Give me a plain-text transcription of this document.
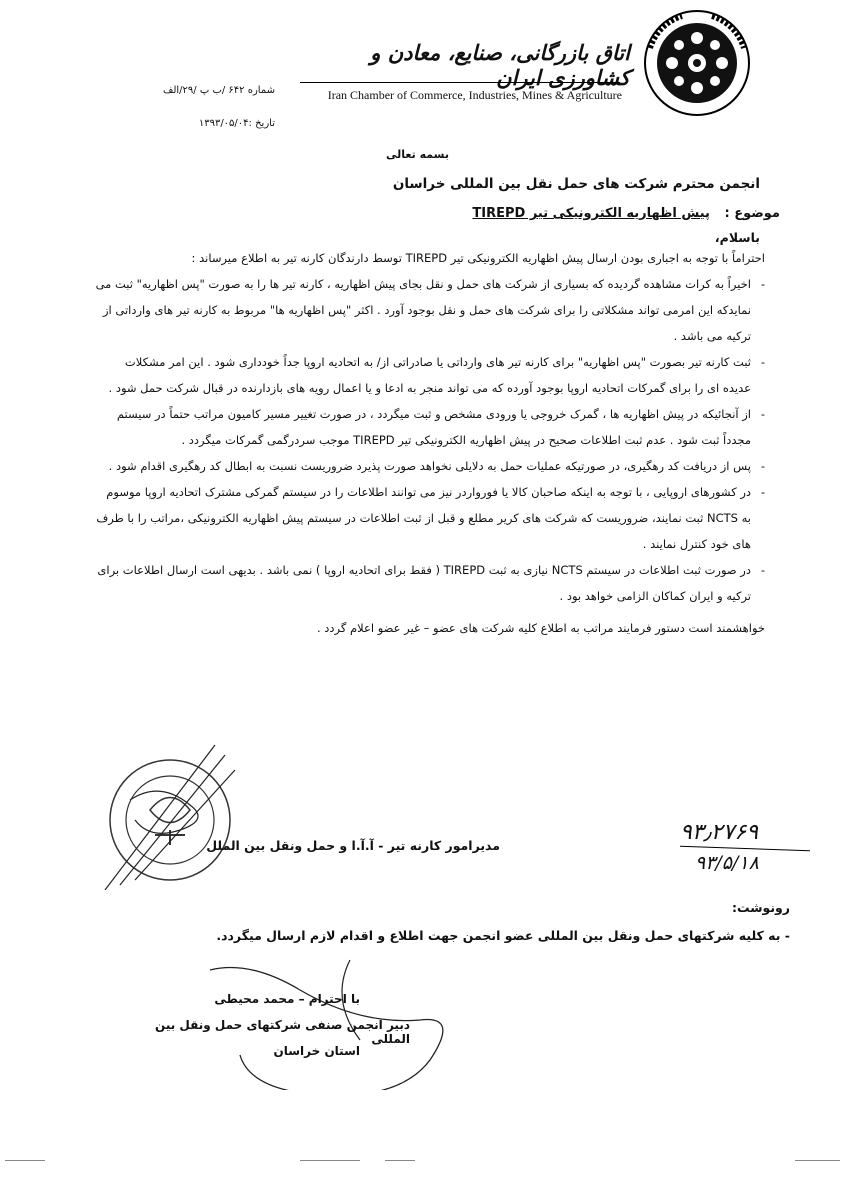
اتاق بازرگانی، صنایع، معادن و کشاورزی ایران
Iran Chamber of Commerce, Industries, Mines & Agriculture
شماره ۶۴۲ /ب پ /۲۹/الف
تاریخ :۱۳۹۳/۰۵/۰۴
بسمه تعالی
انجمن محترم شرکت های حمل نقل بین المللی خراسان
موضوع : پیش اظهاریه الکترونیکی تیر TIREPD
باسلام،

احتراماً با توجه به اجباری بودن ارسال پیش اظهاریه الکترونیکی تیر TIREPD توسط دارندگان کارنه تیر به اطلاع میرساند :

-
اخیراً به کرات مشاهده گردیده که بسیاری از شرکت های حمل و نقل بجای پیش اظهاریه ، کارنه تیر ها را به صورت "پس اظهاریه" ثبت می نمایدکه این امرمی تواند مشکلاتی را برای شرکت های حمل و نقل بوجود آورد . اکثر "پس اظهاریه ها" مربوط به کارنه تیر های وارداتی از ترکیه می باشد .
-
ثبت کارنه تیر بصورت "پس اظهاریه" برای کارنه تیر های وارداتی یا صادراتی از/ به اتحادیه اروپا جداً خودداری شود . این امر مشکلات عدیده ای را برای گمرکات اتحادیه اروپا بوجود آورده که می تواند منجر به ادعا و یا اعمال رویه های بازدارنده در قبال شرکت حمل شود .
-
از آنجائیکه در پیش اظهاریه ها ، گمرک خروجی یا ورودی مشخص و ثبت میگردد ، در صورت تغییر مسیر کامیون مراتب حتماً در سیستم مجدداً ثبت شود . عدم ثبت اطلاعات صحیح در پیش اظهاریه الکترونیکی تیر TIREPD موجب سردرگمی گمرکات میگردد .
-
پس از دریافت کد رهگیری، در صورتیکه عملیات حمل به دلایلی نخواهد صورت پذیرد ضروریست نسبت به ابطال کد رهگیری اقدام شود .
-
در کشورهای اروپایی ، با توجه به اینکه صاحبان کالا یا فورواردر نیز می توانند اطلاعات را در سیستم گمرکی مشترک اتحادیه اروپا موسوم به NCTS ثبت نمایند، ضروریست که شرکت های کریر مطلع و قبل از ثبت اطلاعات در سیستم پیش اظهاریه الکترونیکی ،مراتب را با طرف های خود کنترل نمایند .
-
در صورت ثبت اطلاعات در سیستم NCTS نیازی به ثبت TIREPD ( فقط برای اتحادیه اروپا ) نمی باشد . بدیهی است ارسال اطلاعات برای ترکیه و ایران کماکان الزامی خواهد بود .

خواهشمند است دستور فرمایند مراتب به اطلاع کلیه شرکت های عضو – غیر عضو اعلام گردد .

مدیرامور کارنه تیر - آ.آ.ا و حمل ونقل بین الملل
۹۳٫۲۷۶۹
۹۳/۵/۱۸
رونوشت:
- به کلیه شرکتهای حمل ونقل بین المللی عضو انجمن جهت اطلاع و اقدام لازم ارسال میگردد.
با احترام – محمد محیطی
دبیر انجمن صنفی شرکتهای حمل ونقل بین المللی
استان خراسان
